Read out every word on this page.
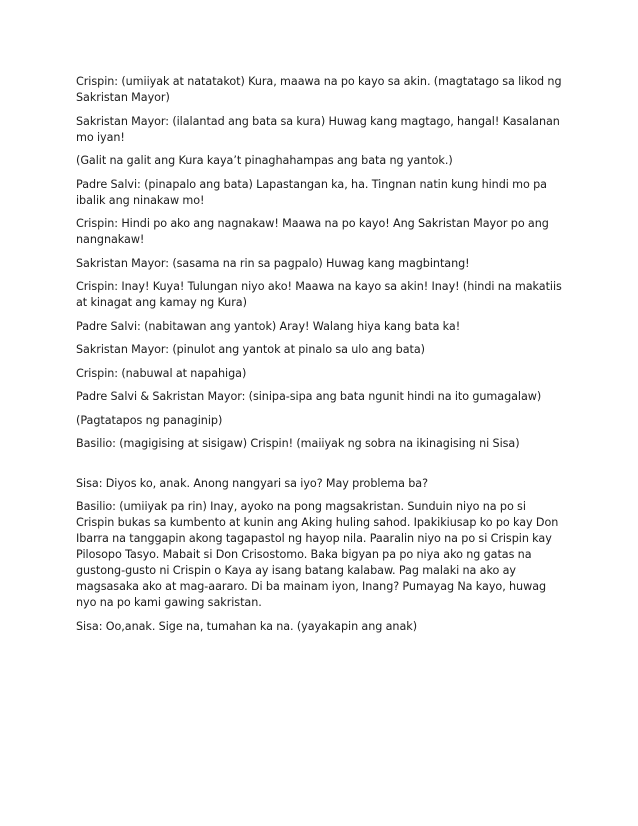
Crispin: (umiiyak at natatakot) Kura, maawa na po kayo sa akin. (magtatago sa likod ng Sakristan Mayor)

Sakristan Mayor: (ilalantad ang bata sa kura) Huwag kang magtago, hangal! Kasalanan mo iyan!

(Galit na galit ang Kura kaya’t pinaghahampas ang bata ng yantok.)

Padre Salvi: (pinapalo ang bata) Lapastangan ka, ha. Tingnan natin kung hindi mo pa ibalik ang ninakaw mo!

Crispin: Hindi po ako ang nagnakaw! Maawa na po kayo! Ang Sakristan Mayor po ang nangnakaw!

Sakristan Mayor: (sasama na rin sa pagpalo) Huwag kang magbintang!

Crispin: Inay! Kuya! Tulungan niyo ako! Maawa na kayo sa akin! Inay! (hindi na makatiis at kinagat ang kamay ng Kura)

Padre Salvi: (nabitawan ang yantok) Aray! Walang hiya kang bata ka!

Sakristan Mayor: (pinulot ang yantok at pinalo sa ulo ang bata)

Crispin: (nabuwal at napahiga)

Padre Salvi & Sakristan Mayor: (sinipa-sipa ang bata ngunit hindi na ito gumagalaw)

(Pagtatapos ng panaginip)

Basilio: (magigising at sisigaw) Crispin! (maiiyak ng sobra na ikinagising ni Sisa)

Sisa: Diyos ko, anak. Anong nangyari sa iyo? May problema ba?

Basilio: (umiiyak pa rin) Inay, ayoko na pong magsakristan. Sunduin niyo na po si Crispin bukas sa kumbento at kunin ang Aking huling sahod. Ipakikiusap ko po kay Don Ibarra na tanggapin akong tagapastol ng hayop nila. Paaralin niyo na po si Crispin kay Pilosopo Tasyo. Mabait si Don Crisostomo. Baka bigyan pa po niya ako ng gatas na gustong-gusto ni Crispin o Kaya ay isang batang kalabaw. Pag malaki na ako ay magsasaka ako at mag-aararo. Di ba mainam iyon, Inang? Pumayag Na kayo, huwag nyo na po kami gawing sakristan.

Sisa: Oo,anak. Sige na, tumahan ka na. (yayakapin ang anak)
